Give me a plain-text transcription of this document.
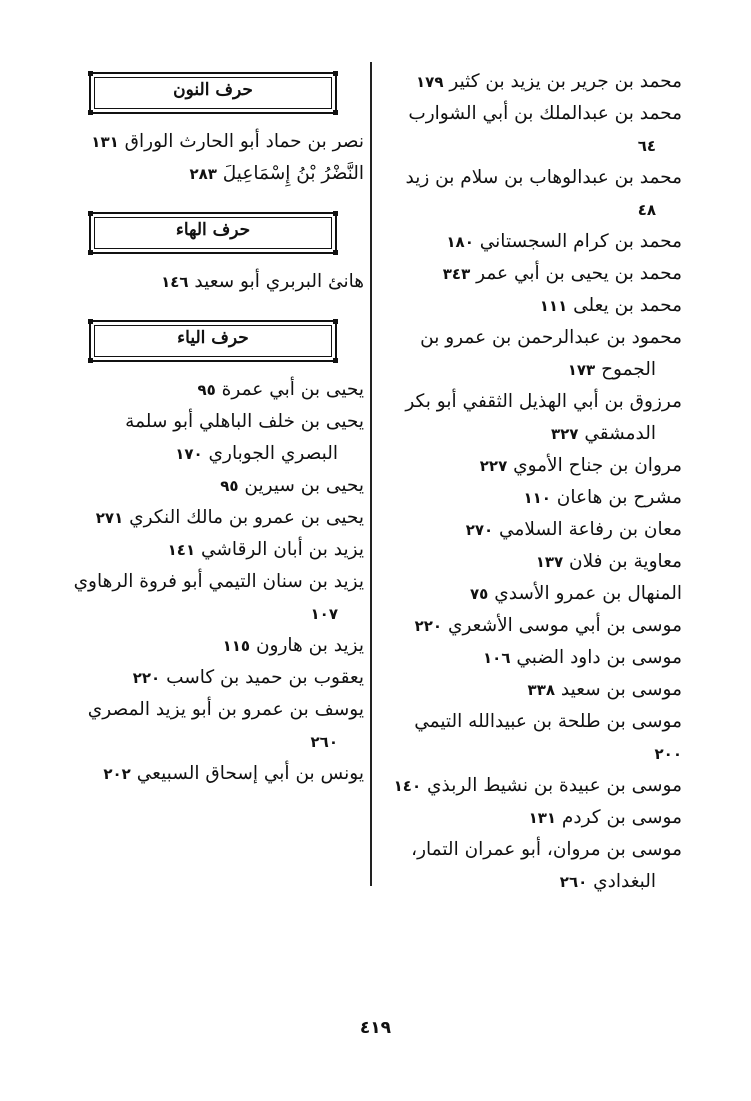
محمد بن جرير بن يزيد بن كثير ١٧٩
محمد بن عبدالملك بن أبي الشوارب
٦٤
محمد بن عبدالوهاب بن سلام بن زيد
٤٨
محمد بن كرام السجستاني ١٨٠
محمد بن يحيى بن أبي عمر ٣٤٣
محمد بن يعلى ١١١
محمود بن عبدالرحمن بن عمرو بن
الجموح ١٧٣
مرزوق بن أبي الهذيل الثقفي أبو بكر
الدمشقي ٣٢٧
مروان بن جناح الأموي ٢٢٧
مشرح بن هاعان ١١٠
معان بن رفاعة السلامي ٢٧٠
معاوية بن فلان ١٣٧
المنهال بن عمرو الأسدي ٧٥
موسى بن أبي موسى الأشعري ٢٢٠
موسى بن داود الضبي ١٠٦
موسى بن سعيد ٣٣٨
موسى بن طلحة بن عبيدالله التيمي ٢٠٠
موسى بن عبيدة بن نشيط الربذي ١٤٠
موسى بن كردم ١٣١
موسى بن مروان، أبو عمران التمار،
البغدادي ٢٦٠
حرف النون
نصر بن حماد أبو الحارث الوراق ١٣١
النَّضْرُ بْنُ إِسْمَاعِيلَ ٢٨٣
حرف الهاء
هانئ البربري أبو سعيد ١٤٦
حرف الياء
يحيى بن أبي عمرة ٩٥
يحيى بن خلف الباهلي أبو سلمة
البصري الجوباري ١٧٠
يحيى بن سيرين ٩٥
يحيى بن عمرو بن مالك النكري ٢٧١
يزيد بن أبان الرقاشي ١٤١
يزيد بن سنان التيمي أبو فروة الرهاوي
١٠٧
يزيد بن هارون ١١٥
يعقوب بن حميد بن كاسب ٢٢٠
يوسف بن عمرو بن أبو يزيد المصري
٢٦٠
يونس بن أبي إسحاق السبيعي ٢٠٢
٤١٩
